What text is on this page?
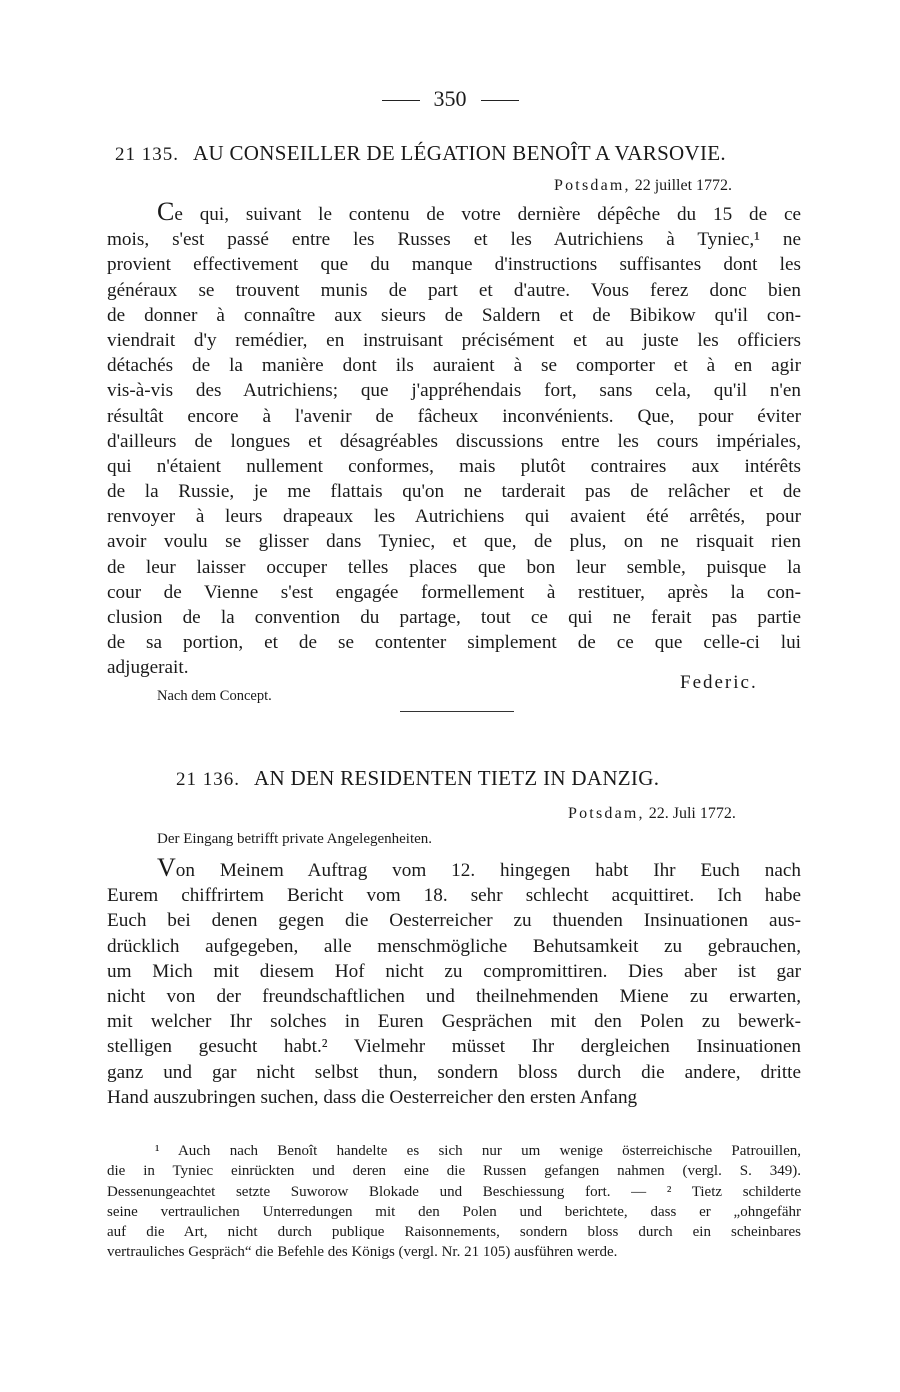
350
21 135. AU CONSEILLER DE LÉGATION BENOÎT A VARSOVIE.
Potsdam, 22 juillet 1772.
Ce qui, suivant le contenu de votre dernière dépêche du 15 de ce
mois, s'est passé entre les Russes et les Autrichiens à Tyniec,¹ ne
provient effectivement que du manque d'instructions suffisantes dont les
généraux se trouvent munis de part et d'autre. Vous ferez donc bien
de donner à connaître aux sieurs de Saldern et de Bibikow qu'il con-
viendrait d'y remédier, en instruisant précisément et au juste les officiers
détachés de la manière dont ils auraient à se comporter et à en agir
vis-à-vis des Autrichiens; que j'appréhendais fort, sans cela, qu'il n'en
résultât encore à l'avenir de fâcheux inconvénients. Que, pour éviter
d'ailleurs de longues et désagréables discussions entre les cours impériales,
qui n'étaient nullement conformes, mais plutôt contraires aux intérêts
de la Russie, je me flattais qu'on ne tarderait pas de relâcher et de
renvoyer à leurs drapeaux les Autrichiens qui avaient été arrêtés, pour
avoir voulu se glisser dans Tyniec, et que, de plus, on ne risquait rien
de leur laisser occuper telles places que bon leur semble, puisque la
cour de Vienne s'est engagée formellement à restituer, après la con-
clusion de la convention du partage, tout ce qui ne ferait pas partie
de sa portion, et de se contenter simplement de ce que celle-ci lui
adjugerait.
Federic.
Nach dem Concept.
21 136. AN DEN RESIDENTEN TIETZ IN DANZIG.
Potsdam, 22. Juli 1772.
Der Eingang betrifft private Angelegenheiten.
Von Meinem Auftrag vom 12. hingegen habt Ihr Euch nach
Eurem chiffrirtem Bericht vom 18. sehr schlecht acquittiret. Ich habe
Euch bei denen gegen die Oesterreicher zu thuenden Insinuationen aus-
drücklich aufgegeben, alle menschmögliche Behutsamkeit zu gebrauchen,
um Mich mit diesem Hof nicht zu compromittiren. Dies aber ist gar
nicht von der freundschaftlichen und theilnehmenden Miene zu erwarten,
mit welcher Ihr solches in Euren Gesprächen mit den Polen zu bewerk-
stelligen gesucht habt.² Vielmehr müsset Ihr dergleichen Insinuationen
ganz und gar nicht selbst thun, sondern bloss durch die andere, dritte
Hand auszubringen suchen, dass die Oesterreicher den ersten Anfang
¹ Auch nach Benoît handelte es sich nur um wenige österreichische Patrouillen,
die in Tyniec einrückten und deren eine die Russen gefangen nahmen (vergl. S. 349).
Dessenungeachtet setzte Suworow Blokade und Beschiessung fort. — ² Tietz schilderte
seine vertraulichen Unterredungen mit den Polen und berichtete, dass er „ohngefähr
auf die Art, nicht durch publique Raisonnements, sondern bloss durch ein scheinbares
vertrauliches Gespräch“ die Befehle des Königs (vergl. Nr. 21 105) ausführen werde.
